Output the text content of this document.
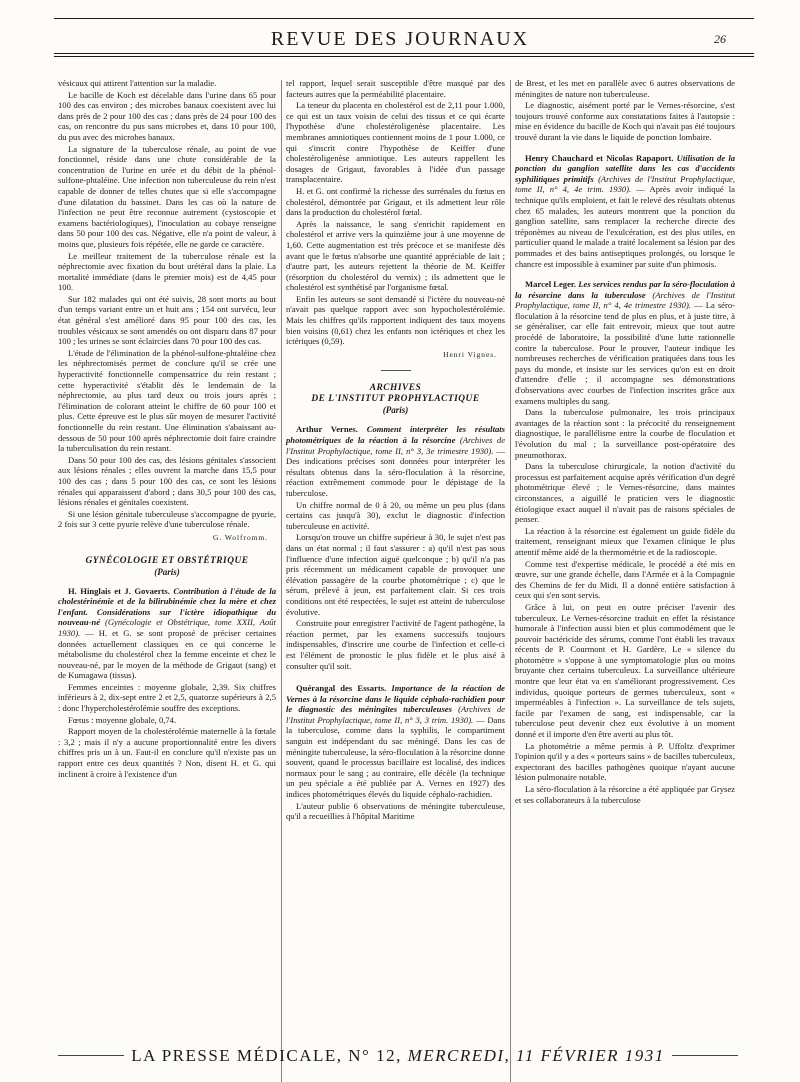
REVUE DES JOURNAUX	26

vésicaux qui attirent l'attention sur la maladie.

Le bacille de Koch est décelable dans l'urine dans 65 pour 100 des cas environ ; des microbes banaux coexistent avec lui dans près de 2 pour 100 des cas ; dans près de 24 pour 100 des cas, on rencontre du pus sans microbes et, dans 10 pour 100, du pus avec des microbes banaux.

La signature de la tuberculose rénale, au point de vue fonctionnel, réside dans une chute considérable de la concentration de l'urine en urée et du débit de la phénol-sulfone-phtaléine. Une infection non tuberculeuse du rein n'est capable de donner de telles chutes que si elle s'accompagne d'une dilatation du bassinet. Dans les cas où la nature de l'infection ne peut être reconnue autrement (cystoscopie et examens bactériologiques), l'inoculation au cobaye renseigne dans 50 pour 100 des cas. Négative, elle n'a point de valeur, à moins que, plusieurs fois répétée, elle ne garde ce caractère.

Le meilleur traitement de la tuberculose rénale est la néphrectomie avec fixation du bout urétéral dans la plaie. La mortalité immédiate (dans le premier mois) est de 4,45 pour 100.

Sur 182 malades qui ont été suivis, 28 sont morts au bout d'un temps variant entre un et huit ans ; 154 ont survécu, leur état général s'est amélioré dans 95 pour 100 des cas, les troubles vésicaux se sont amendés ou ont disparu dans 87 pour 100 ; les urines se sont éclaircies dans 70 pour 100 des cas.

L'étude de l'élimination de la phénol-sulfone-phtaléine chez les néphrectomisés permet de conclure qu'il se crée une hyperactivité fonctionnelle compensatrice du rein restant ; cette hyperactivité s'établit dès le lendemain de la néphrectomie, au plus tard deux ou trois jours après ; l'élimination de colorant atteint le chiffre de 60 pour 100 et plus. Cette épreuve est le plus sûr moyen de mesurer l'activité fonctionnelle du rein restant. Une élimination s'abaissant au-dessous de 50 pour 100 après néphrectomie doit faire craindre la tuberculisation du rein restant.

Dans 50 pour 100 des cas, des lésions génitales s'associent aux lésions rénales ; elles ouvrent la marche dans 15,5 pour 100 des cas ; dans 5 pour 100 des cas, ce sont les lésions rénales qui apparaissent d'abord ; dans 30,5 pour 100 des cas, lésions rénales et génitales coexistent.

Si une lésion génitale tuberculeuse s'accompagne de pyurie, 2 fois sur 3 cette pyurie relève d'une tuberculose rénale.

G. Wolfromm.

GYNÉCOLOGIE ET OBSTÉTRIQUE

(Paris)

H. Hinglais et J. Govaerts. Contribution à l'étude de la cholestérinémie et de la bilirubinémie chez la mère et chez l'enfant. Considérations sur l'ictère idiopathique du nouveau-né (Gynécologie et Obstétrique, tome XXII, Août 1930). — H. et G. se sont proposé de préciser certaines données actuellement classiques en ce qui concerne le métabolisme du cholestérol chez la femme enceinte et chez le nouveau-né, par le moyen de la méthode de Grigaut (sang) et de Kumagawa (tissus).

Femmes enceintes : moyenne globale, 2,39. Six chiffres inférieurs à 2, dix-sept entre 2 et 2,5, quatorze supérieurs à 2,5 : donc l'hypercholestérolémie souffre des exceptions.

Fœtus : moyenne globale, 0,74.

Rapport moyen de la cholestérolémie maternelle à la fœtale : 3,2 ; mais il n'y a aucune proportionnalité entre les divers chiffres pris un à un. Faut-il en conclure qu'il n'existe pas un rapport entre ces deux quantités ? Non, disent H. et G. qui inclinent à croire à l'existence d'un

tel rapport, lequel serait susceptible d'être masqué par des facteurs autres que la perméabilité placentaire.

La teneur du placenta en cholestérol est de 2,11 pour 1.000, ce qui est un taux voisin de celui des tissus et ce qui écarte l'hypothèse d'une cholestéroligenèse placentaire. Les membranes amniotiques contiennent moins de 1 pour 1.000, ce qui s'inscrit contre l'hypothèse de Keiffer d'une cholestéroligenèse amniotique. Les auteurs rappellent les dosages de Grigaut, favorables à l'idée d'un passage transplacentaire.

H. et G. ont confirmé la richesse des surrénales du fœtus en cholestérol, démontrée par Grigaut, et ils admettent leur rôle dans la production du cholestérol fœtal.

Après la naissance, le sang s'enrichit rapidement en cholestérol et arrive vers la quinzième jour à une moyenne de 1,60. Cette augmentation est très précoce et se manifeste dès avant que le fœtus n'absorbe une quantité appréciable de lait ; d'autre part, les auteurs rejettent la théorie de M. Keiffer (résorption du cholestérol du vernix) ; ils admettent que le cholestérol est synthétisé par l'organisme fœtal.

Enfin les auteurs se sont demandé si l'ictère du nouveau-né n'avait pas quelque rapport avec son hypocholestérolémie. Mais les chiffres qu'ils rapportent indiquent des taux moyens bien voisins (0,61) chez les enfants non ictériques et chez les ictériques (0,59).

Henri Vignes.

ARCHIVES

DE L'INSTITUT PROPHYLACTIQUE

(Paris)

Arthur Vernes. Comment interpréter les résultats photométriques de la réaction à la résorcine (Archives de l'Institut Prophylactique, tome II, n° 3, 3e trimestre 1930). — Des indications précises sont données pour interpréter les résultats obtenus dans la séro-floculation à la résorcine, réaction extrêmement commode pour le dépistage de la tuberculose.

Un chiffre normal de 0 à 20, ou même un peu plus (dans certains cas jusqu'à 30), exclut le diagnostic d'infection tuberculeuse en activité.

Lorsqu'on trouve un chiffre supérieur à 30, le sujet n'est pas dans un état normal ; il faut s'assurer : a) qu'il n'est pas sous l'influence d'une infection aiguë quelconque ; b) qu'il n'a pas pris récemment un médicament capable de provoquer une élévation passagère de la courbe photométrique ; c) que le sérum, prélevé à jeun, est parfaitement clair. Si ces trois conditions ont été respectées, le sujet est atteint de tuberculose évolutive.

Construite pour enregistrer l'activité de l'agent pathogène, la réaction permet, par les examens successifs toujours indispensables, d'inscrire une courbe de l'infection et celle-ci est l'élément de pronostic le plus fidèle et le plus aisé à consulter qu'il soit.

Quérangal des Essarts. Importance de la réaction de Vernes à la résorcine dans le liquide céphalo-rachidien pour le diagnostic des méningites tuberculeuses (Archives de l'Institut Prophylactique, tome II, n° 3, 3 trim. 1930). — Dans la tuberculose, comme dans la syphilis, le compartiment sanguin est indépendant du sac méningé. Dans les cas de méningite tuberculeuse, la séro-floculation à la résorcine donne souvent, quand le processus bacillaire est localisé, des indices normaux pour le sang ; au contraire, elle décèle (la technique un peu spéciale a été publiée par A. Vernes en 1927) des indices photométriques élevés du liquide céphalo-rachidien.

L'auteur publie 6 observations de méningite tuberculeuse, qu'il a recueillies à l'hôpital Maritime

de Brest, et les met en parallèle avec 6 autres observations de méningites de nature non tuberculeuse.

Le diagnostic, aisément porté par le Vernes-résorcine, s'est toujours trouvé conforme aux constatations faites à l'autopsie : mise en évidence du bacille de Koch qui n'avait pas été toujours trouvé durant la vie dans le liquide de ponction lombaire.

Henry Chauchard et Nicolas Rapaport. Utilisation de la ponction du ganglion satellite dans les cas d'accidents syphilitiques primitifs (Archives de l'Institut Prophylactique, tome II, n° 4, 4e trim. 1930). — Après avoir indiqué la technique qu'ils emploient, et fait le relevé des résultats obtenus chez 65 malades, les auteurs montrent que la ponction du ganglion satellite, sans remplacer la recherche directe des tréponèmes au niveau de l'exulcération, est des plus utiles, en particulier quand le malade a traité localement sa lésion par des pommades et des bains antiseptiques prolongés, ou lorsque le chancre est impossible à examiner par suite d'un phimosis.

Marcel Leger. Les services rendus par la séro-floculation à la résorcine dans la tuberculose (Archives de l'Institut Prophylactique, tome II, n° 4, 4e trimestre 1930). — La séro-floculation à la résorcine tend de plus en plus, et à juste titre, à se généraliser, car elle fait entrevoir, mieux que tout autre procédé de laboratoire, la possibilité d'une lutte rationnelle contre la tuberculose. Pour le prouver, l'auteur indique les nombreuses recherches de vérification pratiquées dans tous les pays du monde, et insiste sur les services qu'on est en droit d'attendre d'elle ; il accompagne ses démonstrations d'observations avec courbes de l'infection inscrites grâce aux examens multiples du sang.

Dans la tuberculose pulmonaire, les trois principaux avantages de la réaction sont : la précocité du renseignement diagnostique, le parallélisme entre la courbe de floculation et l'évolution du mal ; la surveillance post-opératoire des pneumothorax.

Dans la tuberculose chirurgicale, la notion d'activité du processus est parfaitement acquise après vérification d'un degré photométrique élevé ; le Vernes-résorcine, dans maintes circonstances, a aiguillé le praticien vers le diagnostic étiologique exact auquel il n'avait pas de raisons spéciales de penser.

La réaction à la résorcine est également un guide fidèle du traitement, renseignant mieux que l'examen clinique le plus attentif même aidé de la thermométrie et de la radioscopie.

Comme test d'expertise médicale, le procédé a été mis en œuvre, sur une grande échelle, dans l'Armée et à la Compagnie des Chemins de fer du Midi. Il a donné entière satisfaction à ceux qui s'en sont servis.

Grâce à lui, on peut en outre préciser l'avenir des tuberculeux. Le Vernes-résorcine traduit en effet la résistance humorale à l'infection aussi bien et plus commodément que le pouvoir bactéricide des sérums, comme l'ont établi les travaux récents de P. Courmont et H. Gardère. Le « silence du photomètre » s'oppose à une symptomatologie plus ou moins bruyante chez certains tuberculeux. La surveillance ultérieure montre que leur état va en s'améliorant progressivement. Ces individus, quoique porteurs de germes tuberculeux, sont « imperméables à l'infection ». La surveillance de tels sujets, facile par l'examen de sang, est indispensable, car la tuberculose peut devenir chez eux évolutive à un moment donné et il importe d'en être averti au plus tôt.

La photométrie a même permis à P. Uffoltz d'exprimer l'opinion qu'il y a des « porteurs sains » de bacilles tuberculeux, expectorant des bacilles pathogènes quoique n'ayant aucune lésion pulmonaire notable.

La séro-floculation à la résorcine a été appliquée par Grysez et ses collaborateurs à la tuberculose

LA PRESSE MÉDICALE, N° 12, MERCREDI, 11 FÉVRIER 1931
